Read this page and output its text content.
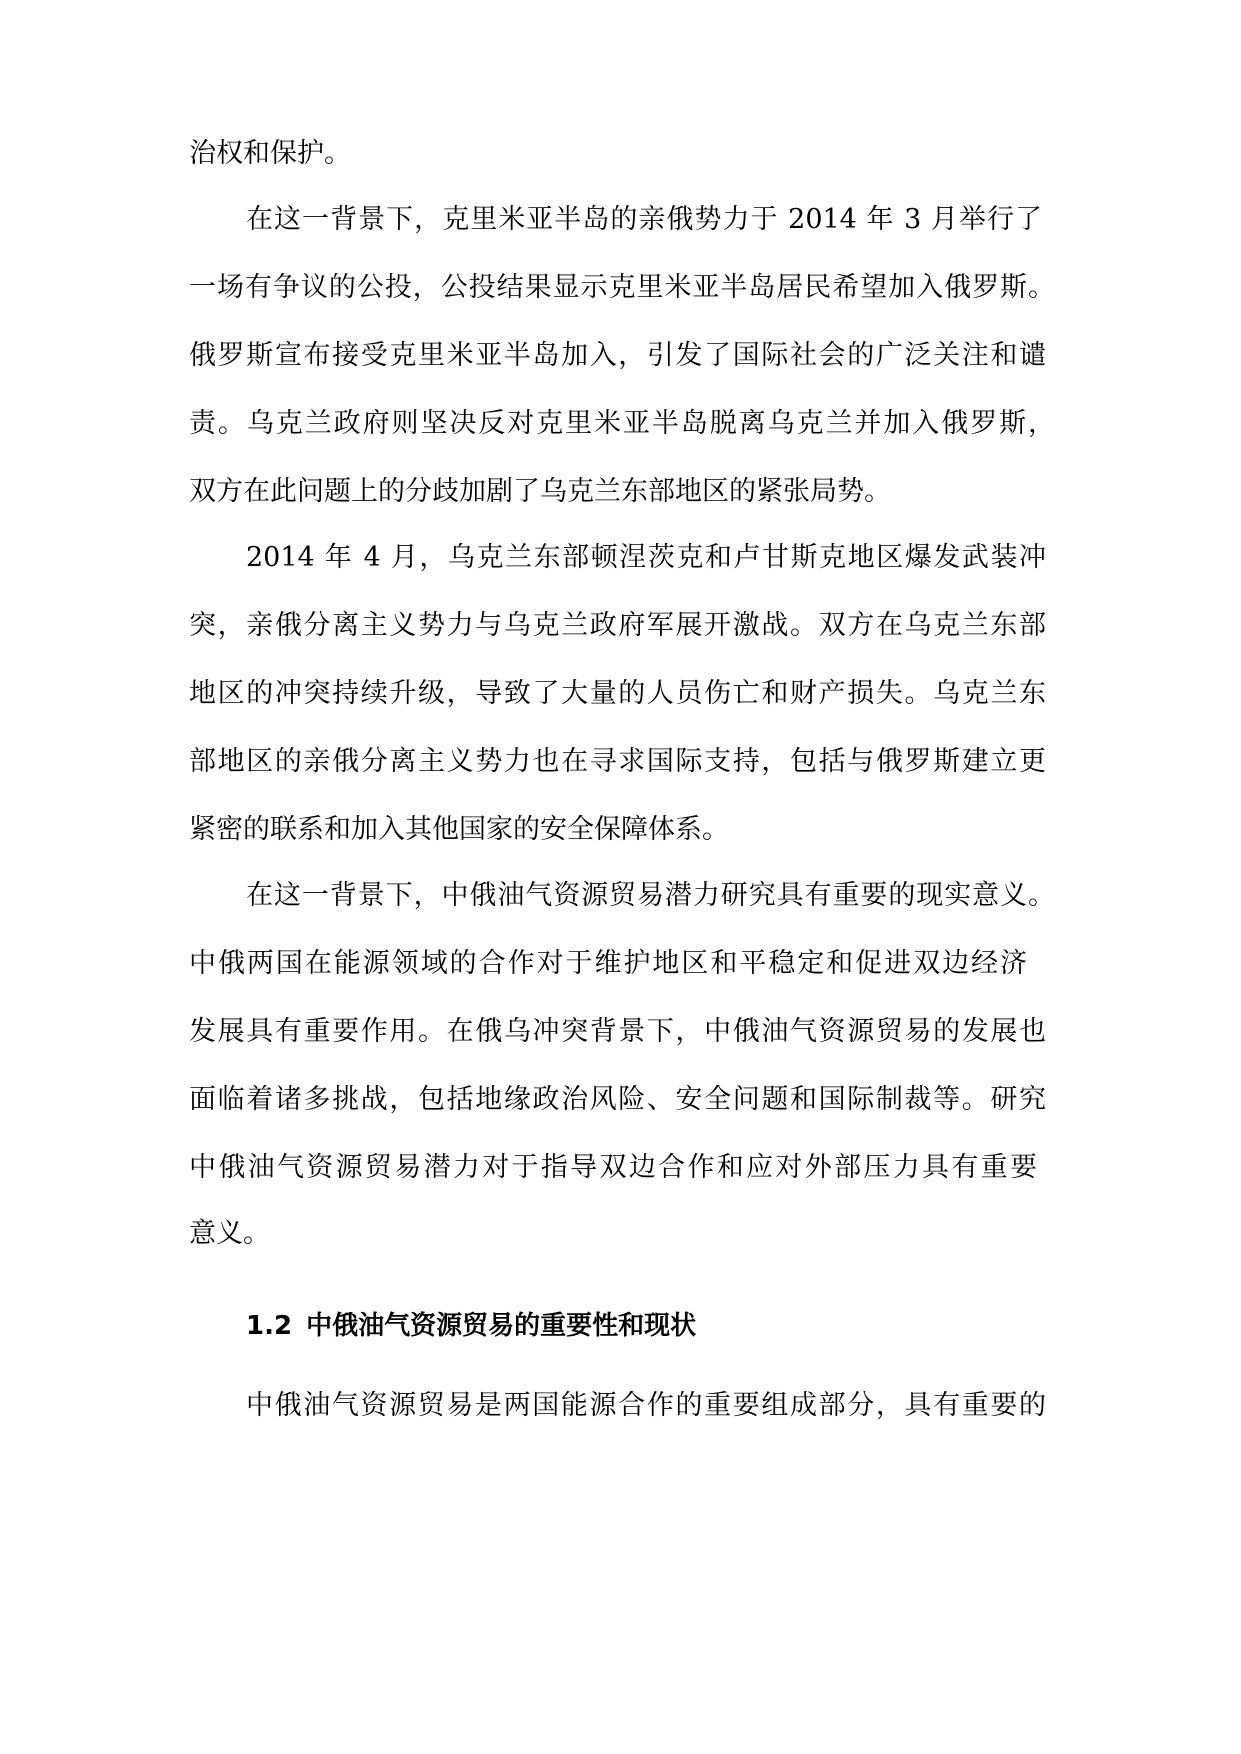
治权和保护。
在这一背景下，克里米亚半岛的亲俄势力于 2014 年 3 月举行了
一场有争议的公投，公投结果显示克里米亚半岛居民希望加入俄罗斯。
俄罗斯宣布接受克里米亚半岛加入，引发了国际社会的广泛关注和谴
责。乌克兰政府则坚决反对克里米亚半岛脱离乌克兰并加入俄罗斯，
双方在此问题上的分歧加剧了乌克兰东部地区的紧张局势。
2014 年 4 月，乌克兰东部顿涅茨克和卢甘斯克地区爆发武装冲
突，亲俄分离主义势力与乌克兰政府军展开激战。双方在乌克兰东部
地区的冲突持续升级，导致了大量的人员伤亡和财产损失。乌克兰东
部地区的亲俄分离主义势力也在寻求国际支持，包括与俄罗斯建立更
紧密的联系和加入其他国家的安全保障体系。
在这一背景下，中俄油气资源贸易潜力研究具有重要的现实意义。
中俄两国在能源领域的合作对于维护地区和平稳定和促进双边经济
发展具有重要作用。在俄乌冲突背景下，中俄油气资源贸易的发展也
面临着诸多挑战，包括地缘政治风险、安全问题和国际制裁等。研究
中俄油气资源贸易潜力对于指导双边合作和应对外部压力具有重要
意义。
1.2 中俄油气资源贸易的重要性和现状
中俄油气资源贸易是两国能源合作的重要组成部分，具有重要的
